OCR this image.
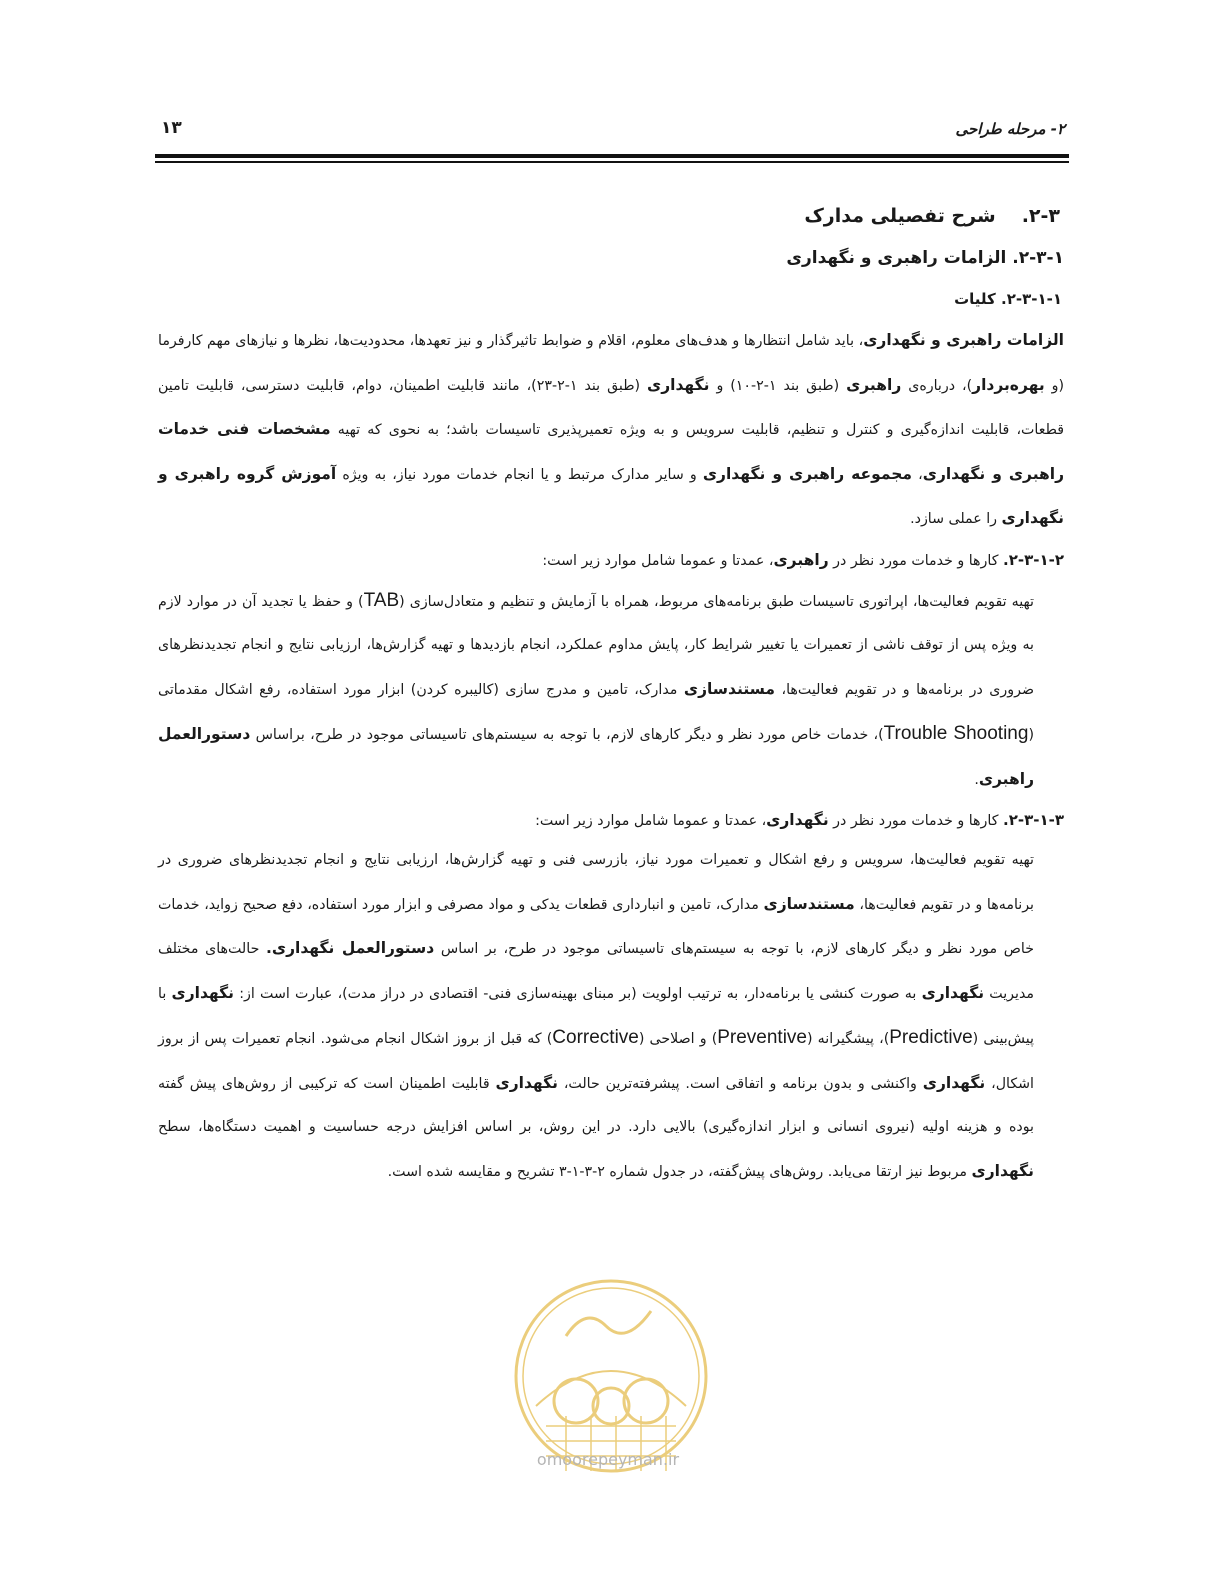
۱۳	۲- مرحله طراحی
۲-۳.شرح تفصیلی مدارک
۲-۳-۱. الزامات راهبری و نگهداری
۲-۳-۱-۱. کلیات

الزامات راهبری و نگهداری، باید شامل انتظارها و هدف‌های معلوم، اقلام و ضوابط تاثیرگذار و نیز تعهدها، محدودیت‌ها، نظرها و نیازهای مهم کارفرما (و بهره‌بردار)، درباره‌ی راهبری (طبق بند ۱-۲-۱۰) و نگهداری (طبق بند ۱-۲-۲۳)، مانند قابلیت اطمینان، دوام، قابلیت دسترسی، قابلیت تامین قطعات، قابلیت اندازه‌گیری و کنترل و تنظیم، قابلیت سرویس و به ویژه تعمیرپذیری تاسیسات باشد؛ به نحوی که تهیه مشخصات فنی خدمات راهبری و نگهداری، مجموعه راهبری و نگهداری و سایر مدارک مرتبط و یا انجام خدمات مورد نیاز، به ویژه آموزش گروه راهبری و نگهداری را عملی سازد.

۲-۳-۱-۲. کارها و خدمات مورد نظر در راهبری، عمدتا و عموما شامل موارد زیر است:

تهیه تقویم فعالیت‌ها، اپراتوری تاسیسات طبق برنامه‌های مربوط، همراه با آزمایش و تنظیم و متعادل‌سازی (TAB) و حفظ یا تجدید آن در موارد لازم به ویژه پس از توقف ناشی از تعمیرات یا تغییر شرایط کار، پایش مداوم عملکرد، انجام بازدیدها و تهیه گزارش‌ها، ارزیابی نتایج و انجام تجدیدنظرهای ضروری در برنامه‌ها و در تقویم فعالیت‌ها، مستندسازی مدارک، تامین و مدرج سازی (کالیبره کردن) ابزار مورد استفاده، رفع اشکال مقدماتی (Trouble Shooting)، خدمات خاص مورد نظر و دیگر کارهای لازم، با توجه به سیستم‌های تاسیساتی موجود در طرح، براساس دستورالعمل راهبری.

۲-۳-۱-۳. کارها و خدمات مورد نظر در نگهداری، عمدتا و عموما شامل موارد زیر است:

تهیه تقویم فعالیت‌ها، سرویس و رفع اشکال و تعمیرات مورد نیاز، بازرسی فنی و تهیه گزارش‌ها، ارزیابی نتایج و انجام تجدیدنظرهای ضروری در برنامه‌ها و در تقویم فعالیت‌ها، مستندسازی مدارک، تامین و انبارداری قطعات یدکی و مواد مصرفی و ابزار مورد استفاده، دفع صحیح زواید، خدمات خاص مورد نظر و دیگر کارهای لازم، با توجه به سیستم‌های تاسیساتی موجود در طرح، بر اساس دستورالعمل نگهداری. حالت‌های مختلف مدیریت نگهداری به صورت کنشی یا برنامه‌دار، به ترتیب اولویت (بر مبنای بهینه‌سازی فنی- اقتصادی در دراز مدت)، عبارت است از: نگهداری با پیش‌بینی (Predictive)، پیشگیرانه (Preventive) و اصلاحی (Corrective) که قبل از بروز اشکال انجام می‌شود. انجام تعمیرات پس از بروز اشکال، نگهداری واکنشی و بدون برنامه و اتفاقی است. پیشرفته‌ترین حالت، نگهداری قابلیت اطمینان است که ترکیبی از روش‌های پیش گفته بوده و هزینه اولیه (نیروی انسانی و ابزار اندازه‌گیری) بالایی دارد. در این روش، بر اساس افزایش درجه حساسیت و اهمیت دستگاه‌ها، سطح نگهداری مربوط نیز ارتقا می‌یابد. روش‌های پیش‌گفته، در جدول شماره ۲-۳-۱-۳ تشریح و مقایسه شده است.

omoorepeyman.ir
